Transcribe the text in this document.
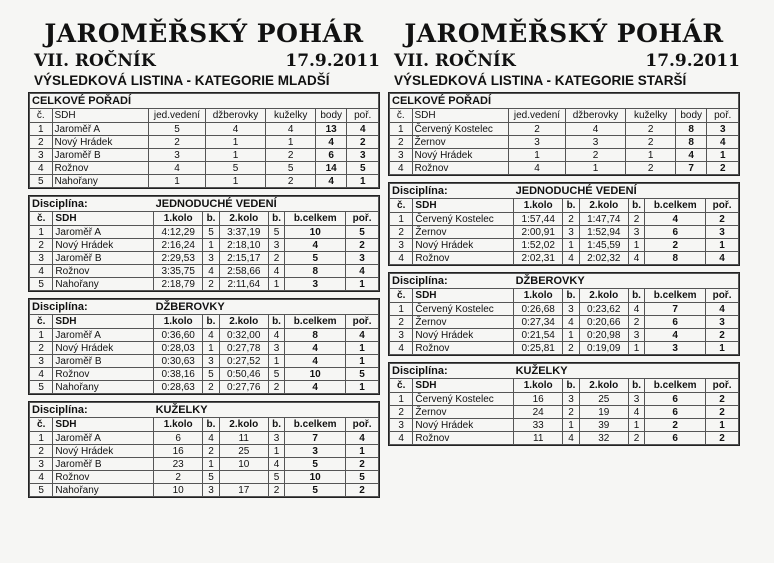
JAROMĚŘSKÝ POHÁR
VII. ROČNÍK	17.9.2011
VÝSLEDKOVÁ LISTINA - KATEGORIE MLADŠÍ
CELKOVÉ POŘADÍ						
č.	SDH	jed.vedení	džberovky	kuželky	body	poř.
1	Jaroměř A	5	4	4	13	4
2	Nový Hrádek	2	1	1	4	2
3	Jaroměř B	3	1	2	6	3
4	Rožnov	4	5	5	14	5
5	Nahořany	1	1	2	4	1
Disciplína:		JEDNODUCHÉ VEDENÍ					
č.	SDH	1.kolo	b.	2.kolo	b.	b.celkem	poř.
1	Jaroměř A	4:12,29	5	3:37,19	5	10	5
2	Nový Hrádek	2:16,24	1	2:18,10	3	4	2
3	Jaroměř B	2:29,53	3	2:15,17	2	5	3
4	Rožnov	3:35,75	4	2:58,66	4	8	4
5	Nahořany	2:18,79	2	2:11,64	1	3	1
Disciplína:		DŽBEROVKY					
č.	SDH	1.kolo	b.	2.kolo	b.	b.celkem	poř.
1	Jaroměř A	0:36,60	4	0:32,00	4	8	4
2	Nový Hrádek	0:28,03	1	0:27,78	3	4	1
3	Jaroměř B	0:30,63	3	0:27,52	1	4	1
4	Rožnov	0:38,16	5	0:50,46	5	10	5
5	Nahořany	0:28,63	2	0:27,76	2	4	1
Disciplína:		KUŽELKY					
č.	SDH	1.kolo	b.	2.kolo	b.	b.celkem	poř.
1	Jaroměř A	6	4	11	3	7	4
2	Nový Hrádek	16	2	25	1	3	1
3	Jaroměř B	23	1	10	4	5	2
4	Rožnov	2	5		5	10	5
5	Nahořany	10	3	17	2	5	2
JAROMĚŘSKÝ POHÁR
VII. ROČNÍK	17.9.2011
VÝSLEDKOVÁ LISTINA - KATEGORIE STARŠÍ
CELKOVÉ POŘADÍ						
č.	SDH	jed.vedení	džberovky	kuželky	body	poř.
1	Červený Kostelec	2	4	2	8	3
2	Žernov	3	3	2	8	4
3	Nový Hrádek	1	2	1	4	1
4	Rožnov	4	1	2	7	2
Disciplína:		JEDNODUCHÉ VEDENÍ					
č.	SDH	1.kolo	b.	2.kolo	b.	b.celkem	poř.
1	Červený Kostelec	1:57,44	2	1:47,74	2	4	2
2	Žernov	2:00,91	3	1:52,94	3	6	3
3	Nový Hrádek	1:52,02	1	1:45,59	1	2	1
4	Rožnov	2:02,31	4	2:02,32	4	8	4
Disciplína:		DŽBEROVKY					
č.	SDH	1.kolo	b.	2.kolo	b.	b.celkem	poř.
1	Červený Kostelec	0:26,68	3	0:23,62	4	7	4
2	Žernov	0:27,34	4	0:20,66	2	6	3
3	Nový Hrádek	0:21,54	1	0:20,98	3	4	2
4	Rožnov	0:25,81	2	0:19,09	1	3	1
Disciplína:		KUŽELKY					
č.	SDH	1.kolo	b.	2.kolo	b.	b.celkem	poř.
1	Červený Kostelec	16	3	25	3	6	2
2	Žernov	24	2	19	4	6	2
3	Nový Hrádek	33	1	39	1	2	1
4	Rožnov	11	4	32	2	6	2
